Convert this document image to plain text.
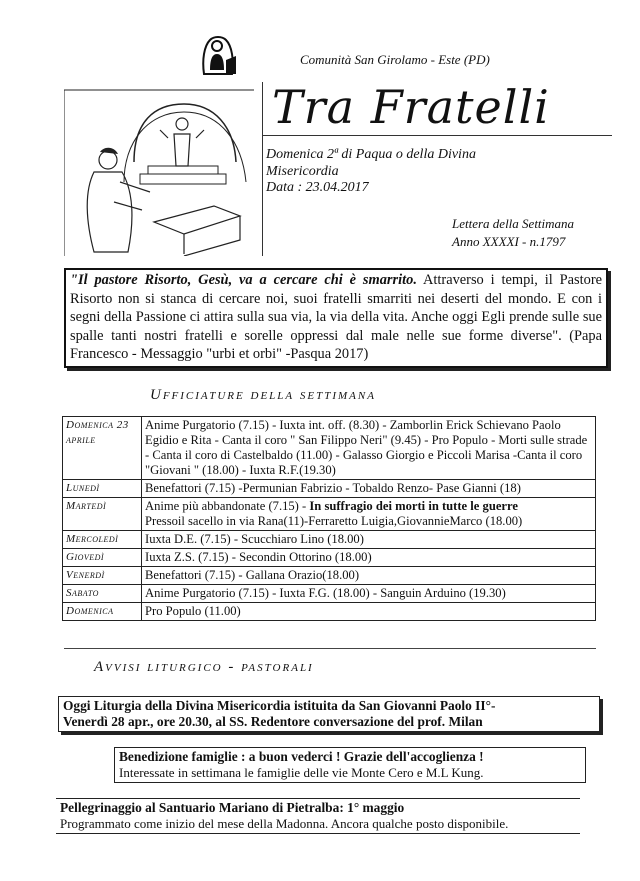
Comunità San Girolamo - Este (PD)
Tra Fratelli
Domenica 2ª di Paqua o della Divina Misericordia
Data : 23.04.2017
Lettera della Settimana
Anno XXXXI - n.1797
"Il pastore Risorto, Gesù, va a cercare chi è smarrito. Attraverso i tempi, il Pastore Risorto non si stanca di cercare noi, suoi fratelli smarriti nei deserti del mondo. E con i segni della Passione ci attira sulla sua via, la via della vita. Anche oggi Egli prende sulle sue spalle tanti nostri fratelli e sorelle oppressi dal male nelle sue forme diverse". (Papa Francesco - Messaggio "urbi et orbi" -Pasqua 2017)
Ufficiature della settimana
Domenica 23 aprile	Anime Purgatorio (7.15) - Iuxta int. off. (8.30) - Zamborlin Erick Schievano Paolo Egidio e Rita - Canta il coro " San Filippo Neri" (9.45) - Pro Populo - Morti sulle strade - Canta il coro di Castelbaldo (11.00) - Galasso Giorgio e Piccoli Marisa -Canta il coro "Giovani " (18.00) - Iuxta R.F.(19.30)
Lunedì	Benefattori (7.15) -Permunian Fabrizio - Tobaldo Renzo- Pase Gianni (18)
Martedì	Anime più abbandonate (7.15) - In suffragio dei morti in tutte le guerre
Pressoil sacello in via Rana(11)-Ferraretto Luigia,GiovannieMarco (18.00)
Mercoledì	Iuxta D.E. (7.15) - Scucchiaro Lino (18.00)
Giovedì	Iuxta Z.S. (7.15) - Secondin Ottorino (18.00)
Venerdì	Benefattori (7.15) - Gallana Orazio(18.00)
Sabato	Anime Purgatorio (7.15) - Iuxta F.G. (18.00) - Sanguin Arduino (19.30)
Domenica	Pro Populo (11.00)
Avvisi liturgico - pastorali
Oggi Liturgia della Divina Misericordia istituita da San Giovanni Paolo II°-
Venerdì 28 apr., ore 20.30, al SS. Redentore conversazione del prof. Milan
Benedizione famiglie : a buon vederci ! Grazie dell'accoglienza !
Interessate in settimana le famiglie delle vie Monte Cero e M.L Kung.
Pellegrinaggio al Santuario Mariano di Pietralba: 1° maggio
Programmato come inizio del mese della Madonna. Ancora qualche posto disponibile.
